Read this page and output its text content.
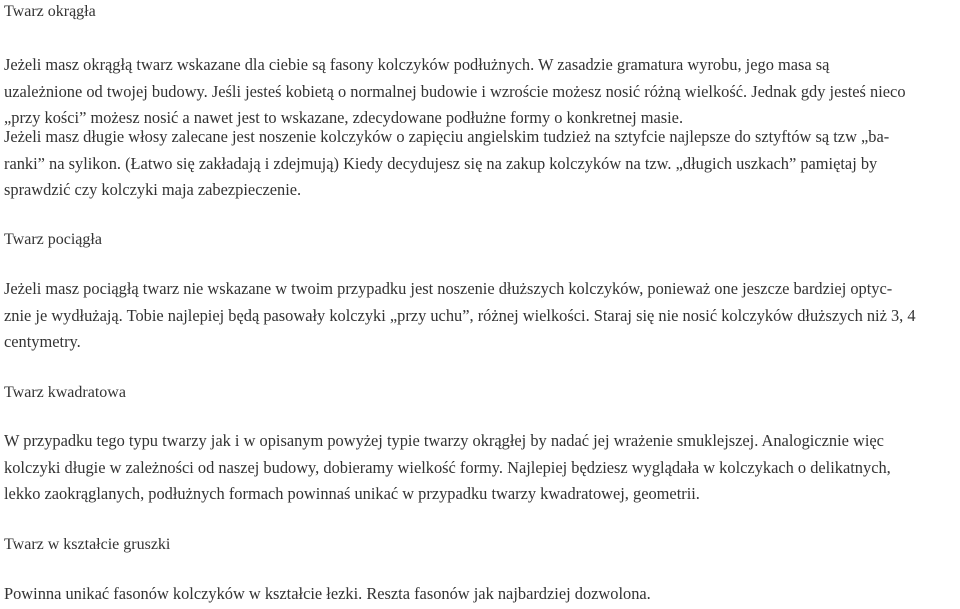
Twarz okrągła

Jeżeli masz okrągłą twarz wskazane dla ciebie są fasony kolczyków podłużnych. W zasadzie gramatura wyrobu, jego masa są
uzależnione od twojej budowy. Jeśli jesteś kobietą o normalnej budowie i wzroście możesz nosić różną wielkość. Jednak gdy jesteś nieco
„przy kości” możesz nosić a nawet jest to wskazane, zdecydowane podłużne formy o konkretnej masie.

Jeżeli masz długie włosy zalecane jest noszenie kolczyków o zapięciu angielskim tudzież na sztyfcie najlepsze do sztyftów są tzw „ba-
ranki” na sylikon. (Łatwo się zakładają i zdejmują) Kiedy decydujesz się na zakup kolczyków na tzw. „długich uszkach” pamiętaj by
sprawdzić czy kolczyki maja zabezpieczenie.

Twarz pociągła

Jeżeli masz pociągłą twarz nie wskazane w twoim przypadku jest noszenie dłuższych kolczyków, ponieważ one jeszcze bardziej optyc-
znie je wydłużają. Tobie najlepiej będą pasowały kolczyki „przy uchu”, różnej wielkości. Staraj się nie nosić kolczyków dłuższych niż 3, 4
centymetry.

Twarz kwadratowa

W przypadku tego typu twarzy jak i w opisanym powyżej typie twarzy okrągłej by nadać jej wrażenie smuklejszej. Analogicznie więc
kolczyki długie w zależności od naszej budowy, dobieramy wielkość formy. Najlepiej będziesz wyglądała w kolczykach o delikatnych,
lekko zaokrąglanych, podłużnych formach powinnaś unikać w przypadku twarzy kwadratowej, geometrii.

Twarz w kształcie gruszki

Powinna unikać fasonów kolczyków w kształcie łezki. Reszta fasonów jak najbardziej dozwolona.
